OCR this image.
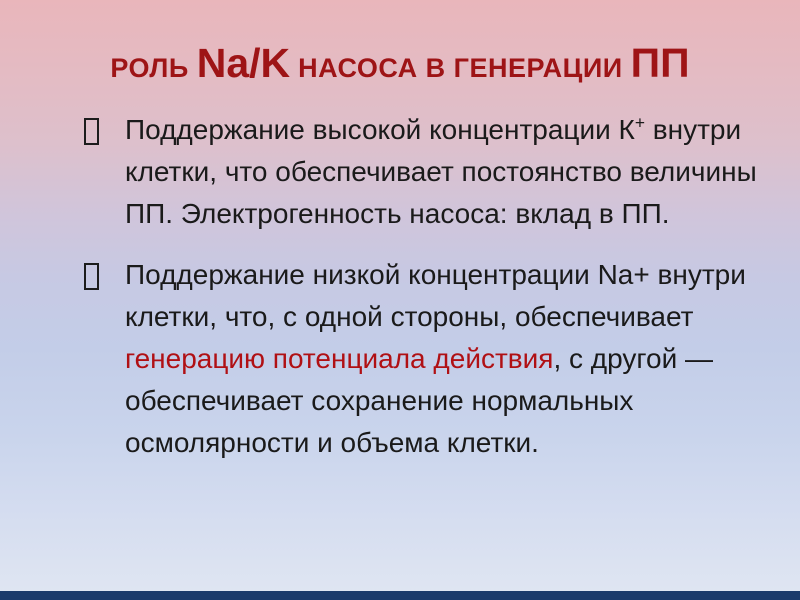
РОЛЬ Na/K НАСОСА В ГЕНЕРАЦИИ ПП
Поддержание высокой концентрации К+ внутри клетки, что обеспечивает постоянство величины ПП. Электрогенность насоса: вклад в ПП.
Поддержание низкой концентрации Na+ внутри клетки, что, с одной стороны, обеспечивает генерацию потенциала действия, с другой — обеспечивает сохранение нормальных осмолярности и объема клетки.
